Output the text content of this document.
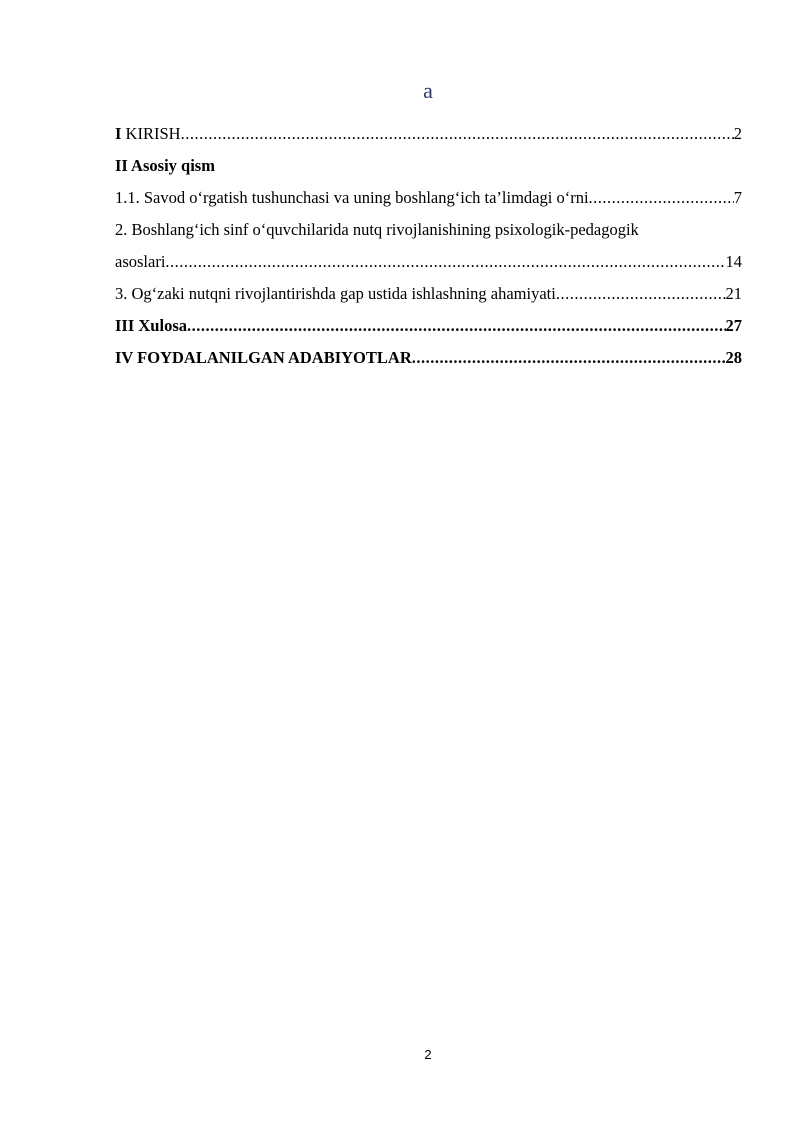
a
I KIRISH .....	2
II Asosiy qism
1.1. Savod o‘rgatish tushunchasi va uning boshlang‘ich ta’limdagi o‘rni .....	7
2. Boshlang‘ich sinf o‘quvchilarida nutq rivojlanishining psixologik-pedagogik
asoslari .....	14
3. Og‘zaki nutqni rivojlantirishda gap ustida ishlashning ahamiyati .....	21
III Xulosa .....	27
IV FOYDALANILGAN ADABIYOTLAR .....	28
2
